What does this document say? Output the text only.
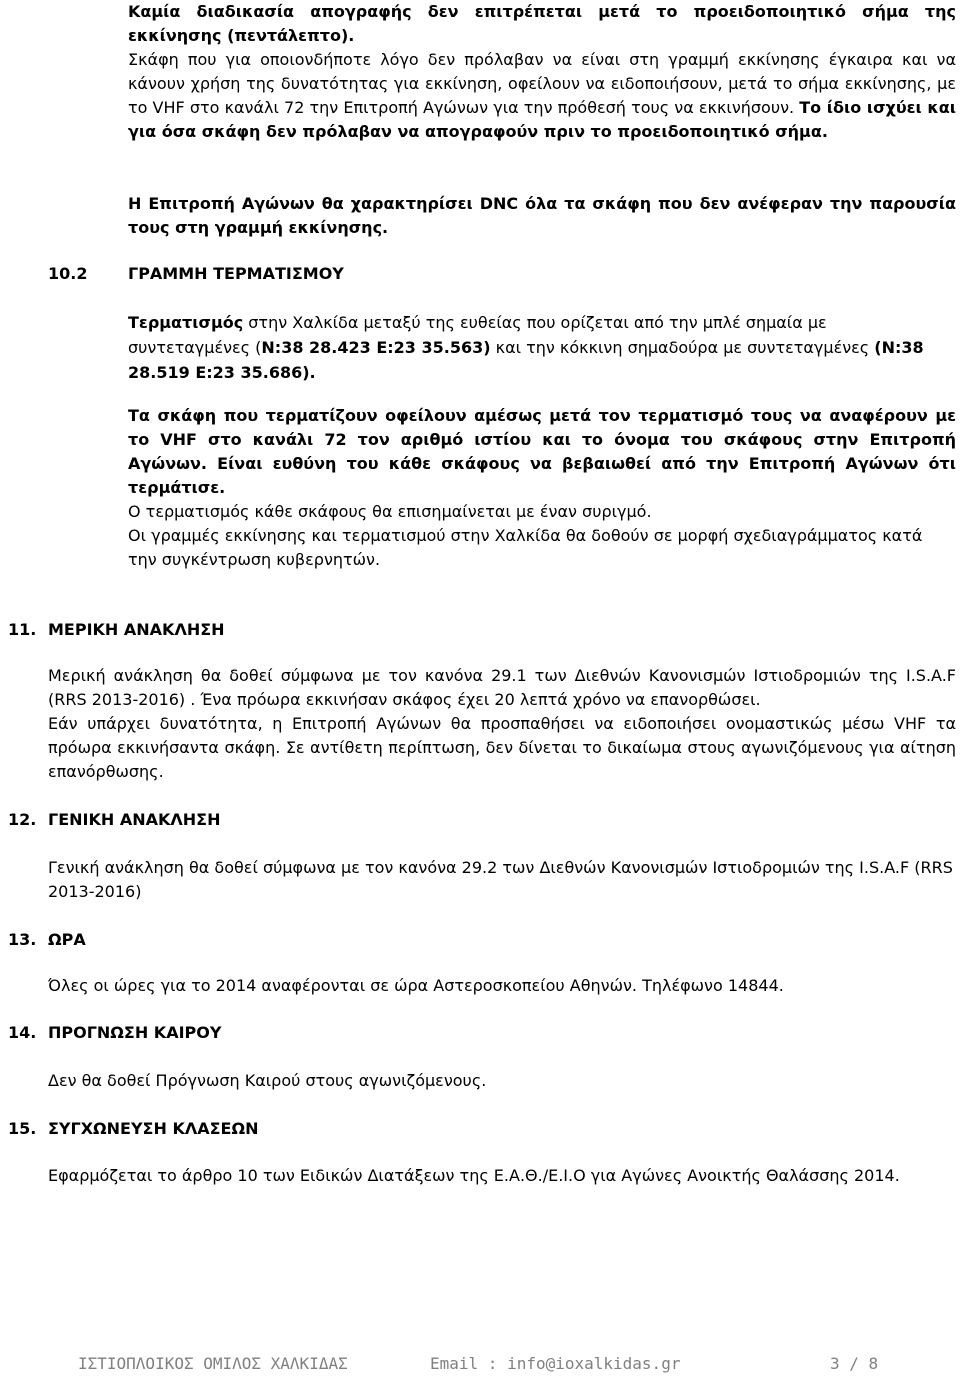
Καμία διαδικασία απογραφής δεν επιτρέπεται μετά το προειδοποιητικό σήμα της εκκίνησης (πεντάλεπτο).

Σκάφη που για οποιονδήποτε λόγο δεν πρόλαβαν να είναι στη γραμμή εκκίνησης έγκαιρα και να κάνουν χρήση της δυνατότητας για εκκίνηση, οφείλουν να ειδοποιήσουν, μετά το σήμα εκκίνησης, με το VHF στο κανάλι 72 την Επιτροπή Αγώνων για την πρόθεσή τους να εκκινήσουν. Το ίδιο ισχύει και για όσα σκάφη δεν πρόλαβαν να απογραφούν πριν το προειδοποιητικό σήμα.

Η Επιτροπή Αγώνων θα χαρακτηρίσει DNC όλα τα σκάφη που δεν ανέφεραν την παρουσία τους στη γραμμή εκκίνησης.

10.2	ΓΡΑΜΜΗ ΤΕΡΜΑΤΙΣΜΟΥ

Τερματισμός στην Χαλκίδα μεταξύ της ευθείας που ορίζεται από την μπλέ σημαία με συντεταγμένες (N:38 28.423 E:23 35.563) και την κόκκινη σημαδούρα με συντεταγμένες (N:38 28.519 E:23 35.686).

Τα σκάφη που τερματίζουν οφείλουν αμέσως μετά τον τερματισμό τους να αναφέρουν με το VHF στο κανάλι 72 τον αριθμό ιστίου και το όνομα του σκάφους στην Επιτροπή Αγώνων. Είναι ευθύνη του κάθε σκάφους να βεβαιωθεί από την Επιτροπή Αγώνων ότι τερμάτισε.

Ο τερματισμός κάθε σκάφους θα επισημαίνεται με έναν συριγμό.

Οι γραμμές εκκίνησης και τερματισμού στην Χαλκίδα θα δοθούν σε μορφή σχεδιαγράμματος κατά την συγκέντρωση κυβερνητών.

11. ΜΕΡΙΚΗ ΑΝΑΚΛΗΣΗ

Μερική ανάκληση θα δοθεί σύμφωνα με τον κανόνα 29.1 των Διεθνών Κανονισμών Ιστιοδρομιών της I.S.A.F (RRS 2013-2016) . Ένα πρόωρα εκκινήσαν σκάφος έχει 20 λεπτά χρόνο να επανορθώσει.

Εάν υπάρχει δυνατότητα, η Επιτροπή Αγώνων θα προσπαθήσει να ειδοποιήσει ονομαστικώς μέσω VHF τα πρόωρα εκκινήσαντα σκάφη. Σε αντίθετη περίπτωση, δεν δίνεται το δικαίωμα στους αγωνιζόμενους για αίτηση επανόρθωσης.

12. ΓΕΝΙΚΗ ΑΝΑΚΛΗΣΗ

Γενική ανάκληση θα δοθεί σύμφωνα με τον κανόνα 29.2 των Διεθνών Κανονισμών Ιστιοδρομιών της I.S.A.F (RRS 2013-2016)

13. ΩΡΑ

Όλες οι ώρες για το 2014 αναφέρονται σε ώρα Αστεροσκοπείου Αθηνών. Τηλέφωνο 14844.

14. ΠΡΟΓΝΩΣΗ ΚΑΙΡΟΥ

Δεν θα δοθεί Πρόγνωση Καιρού στους αγωνιζόμενους.

15. ΣΥΓΧΩΝΕΥΣΗ ΚΛΑΣΕΩΝ

Εφαρμόζεται το άρθρο 10 των Ειδικών Διατάξεων της Ε.Α.Θ./Ε.Ι.Ο για Αγώνες Ανοικτής Θαλάσσης 2014.

ΙΣΤΙΟΠΛΟΙΚΟΣ ΟΜΙΛΟΣ ΧΑΛΚΙΔΑΣ	Email : info@ioxalkidas.gr	3 / 8
